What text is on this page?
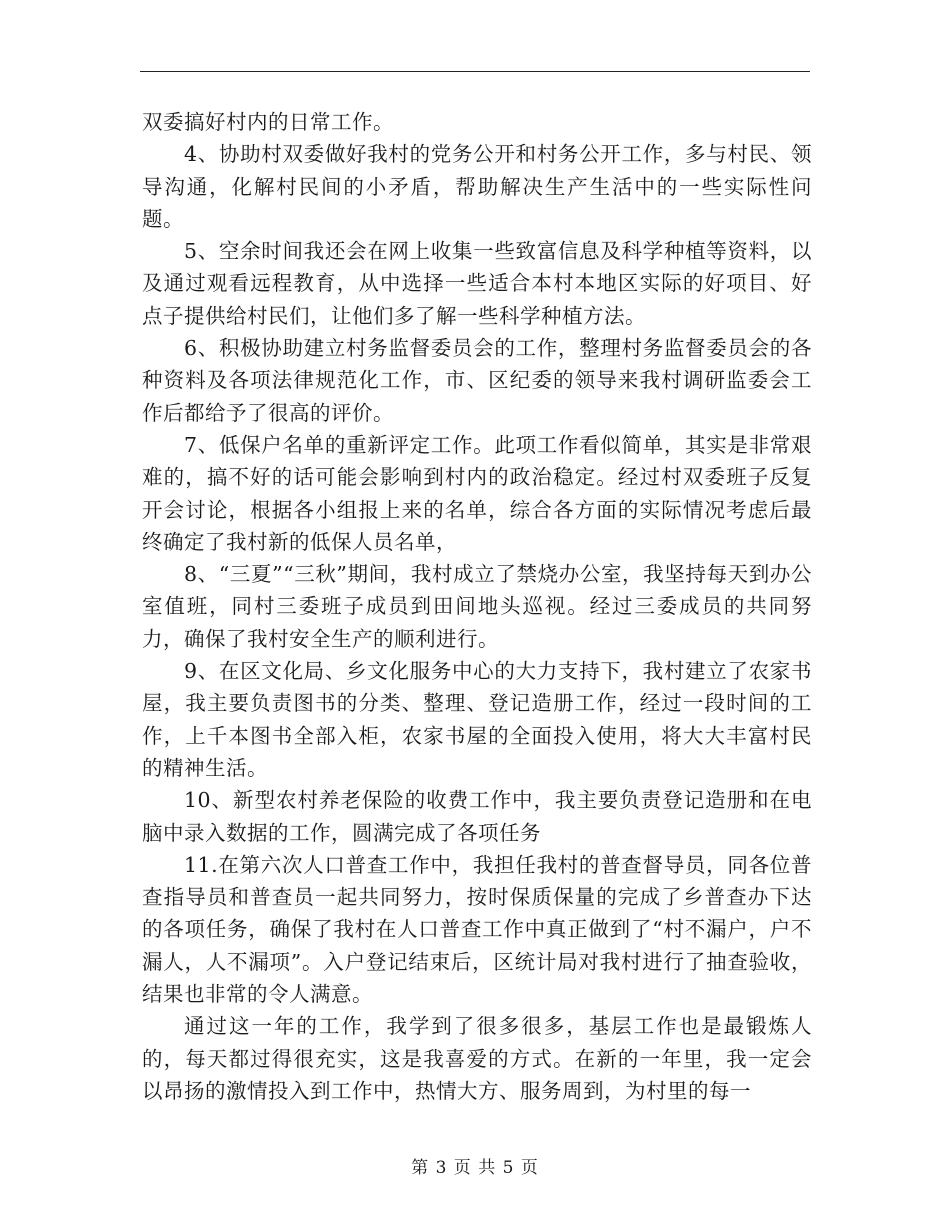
双委搞好村内的日常工作。

4、协助村双委做好我村的党务公开和村务公开工作，多与村民、领导沟通，化解村民间的小矛盾，帮助解决生产生活中的一些实际性问题。

5、空余时间我还会在网上收集一些致富信息及科学种植等资料，以及通过观看远程教育，从中选择一些适合本村本地区实际的好项目、好点子提供给村民们，让他们多了解一些科学种植方法。

6、积极协助建立村务监督委员会的工作，整理村务监督委员会的各种资料及各项法律规范化工作，市、区纪委的领导来我村调研监委会工作后都给予了很高的评价。

7、低保户名单的重新评定工作。此项工作看似简单，其实是非常艰难的，搞不好的话可能会影响到村内的政治稳定。经过村双委班子反复开会讨论，根据各小组报上来的名单，综合各方面的实际情况考虑后最终确定了我村新的低保人员名单，

8、“三夏”“三秋”期间，我村成立了禁烧办公室，我坚持每天到办公室值班，同村三委班子成员到田间地头巡视。经过三委成员的共同努力，确保了我村安全生产的顺利进行。

9、在区文化局、乡文化服务中心的大力支持下，我村建立了农家书屋，我主要负责图书的分类、整理、登记造册工作，经过一段时间的工作，上千本图书全部入柜，农家书屋的全面投入使用，将大大丰富村民的精神生活。

10、新型农村养老保险的收费工作中，我主要负责登记造册和在电脑中录入数据的工作，圆满完成了各项任务

11.在第六次人口普查工作中，我担任我村的普查督导员，同各位普查指导员和普查员一起共同努力，按时保质保量的完成了乡普查办下达的各项任务，确保了我村在人口普查工作中真正做到了“村不漏户，户不漏人，人不漏项”。入户登记结束后，区统计局对我村进行了抽查验收，结果也非常的令人满意。

通过这一年的工作，我学到了很多很多，基层工作也是最锻炼人的，每天都过得很充实，这是我喜爱的方式。在新的一年里，我一定会以昂扬的激情投入到工作中，热情大方、服务周到，为村里的每一

第 3 页 共 5 页
